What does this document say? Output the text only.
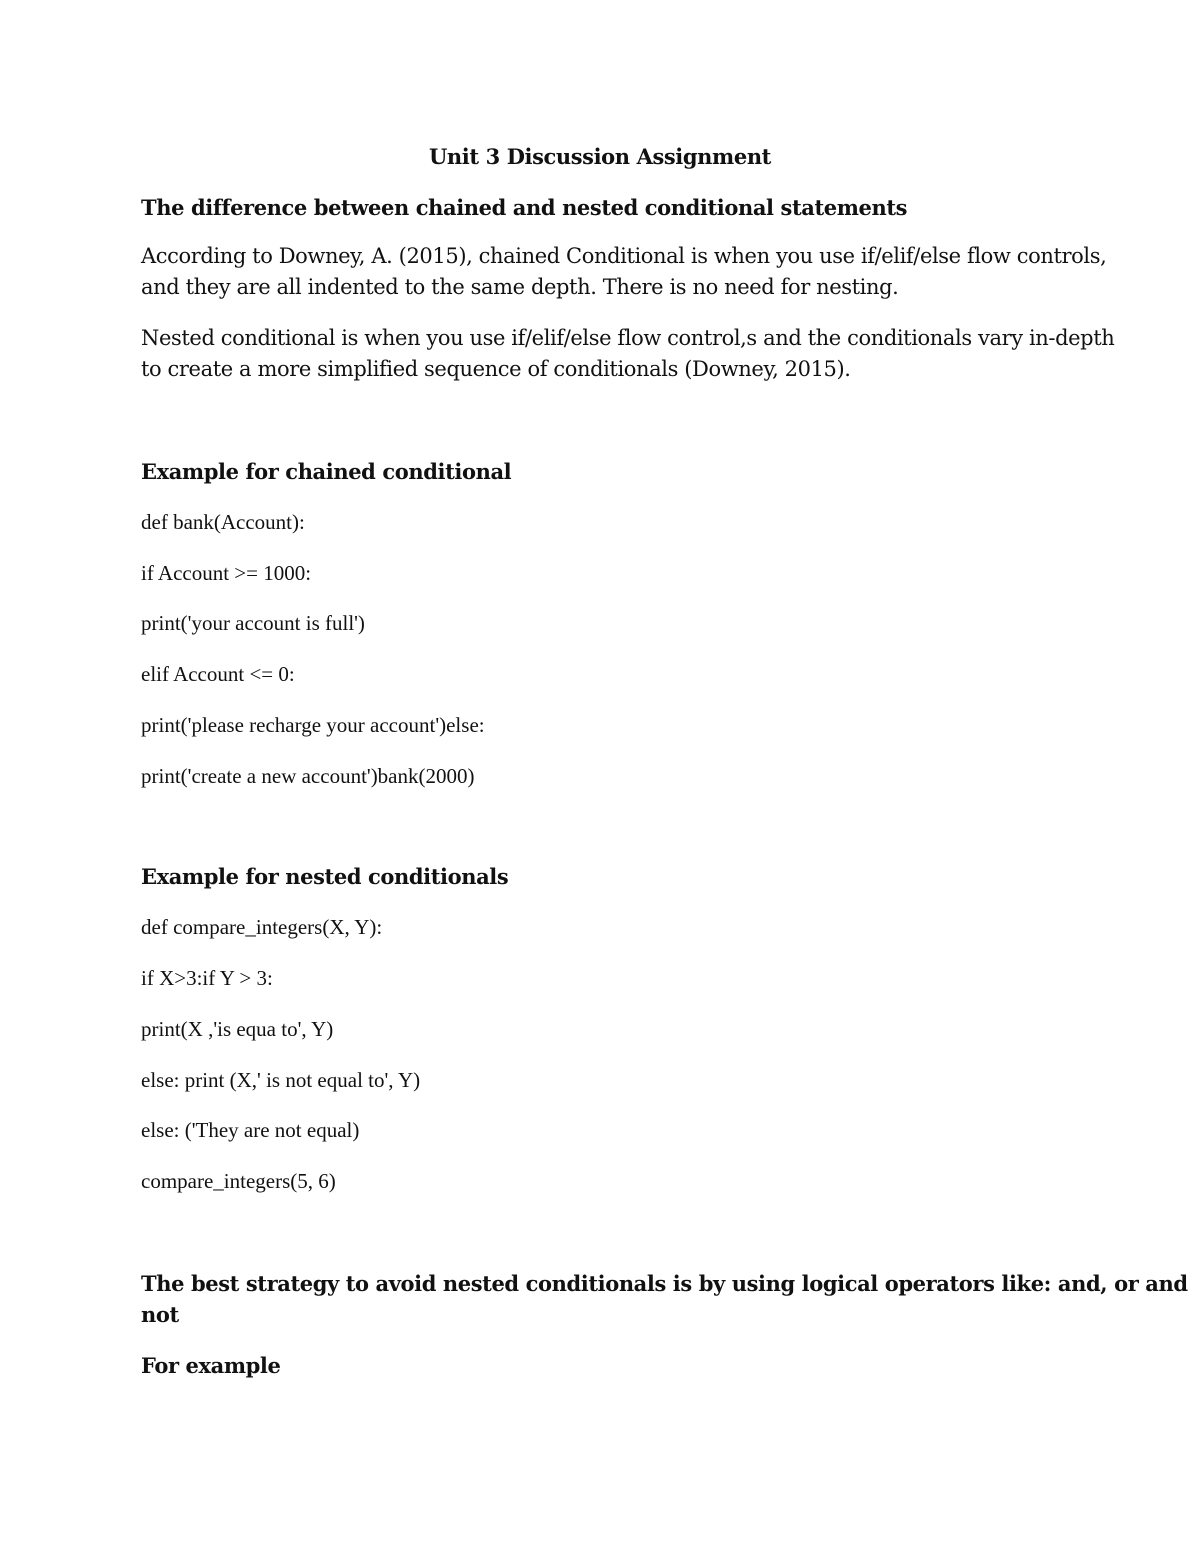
Unit 3 Discussion Assignment
The difference between chained and nested conditional statements
According to Downey, A. (2015), chained Conditional is when you use if/elif/else flow controls,
and they are all indented to the same depth. There is no need for nesting.
Nested conditional is when you use if/elif/else flow control,s and the conditionals vary in-depth
to create a more simplified sequence of conditionals (Downey, 2015).
Example for chained conditional
def bank(Account):
if Account >= 1000:
print('your account is full')
elif Account <= 0:
print('please recharge your account')else:
print('create a new account')bank(2000)
Example for nested conditionals
def compare_integers(X, Y):
if X>3:if Y > 3:
print(X ,'is equa to', Y)
else: print (X,' is not equal to', Y)
else: ('They are not equal)
compare_integers(5, 6)
The best strategy to avoid nested conditionals is by using logical operators like: and, or and
not
For example
